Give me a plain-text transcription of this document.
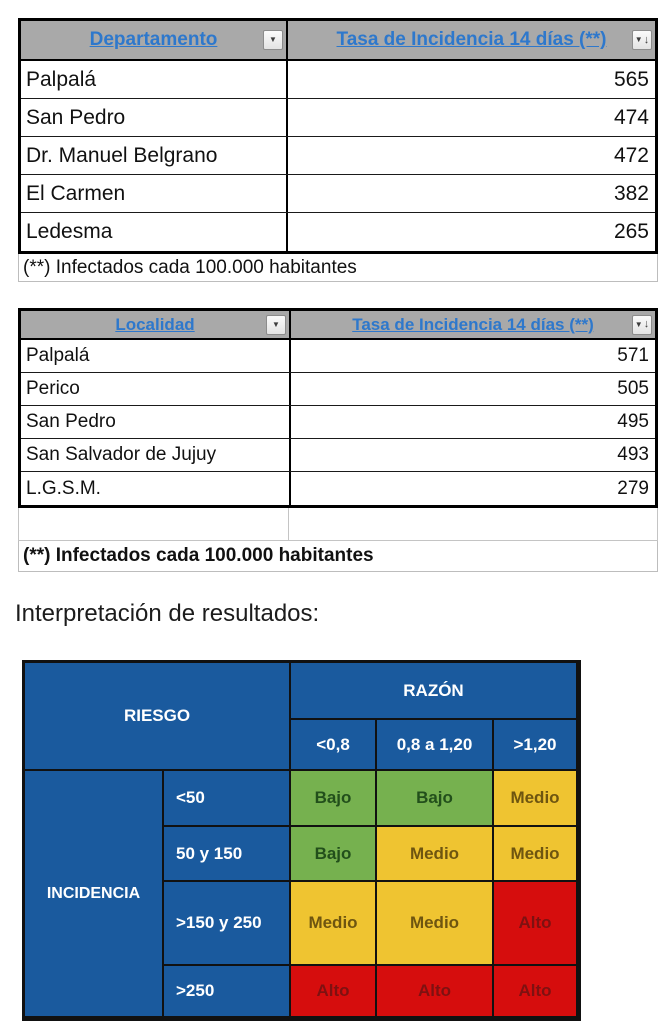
Departamento	▼	Tasa de Incidencia 14 días (**)	▼ ↓
Palpalá	565
San Pedro	474
Dr. Manuel Belgrano	472
El Carmen	382
Ledesma	265
(**) Infectados cada 100.000 habitantes
Localidad	▼	Tasa de Incidencia 14 días (**)	▼ ↓
Palpalá	571
Perico	505
San Pedro	495
San Salvador de Jujuy	493
L.G.S.M.	279
(**) Infectados cada 100.000 habitantes
Interpretación de resultados:
RIESGO
RAZÓN
<0,8	0,8 a 1,20	>1,20
INCIDENCIA
<50	Bajo	Bajo	Medio
50 y 150	Bajo	Medio	Medio
>150 y 250	Medio	Medio	Alto
>250	Alto	Alto	Alto
